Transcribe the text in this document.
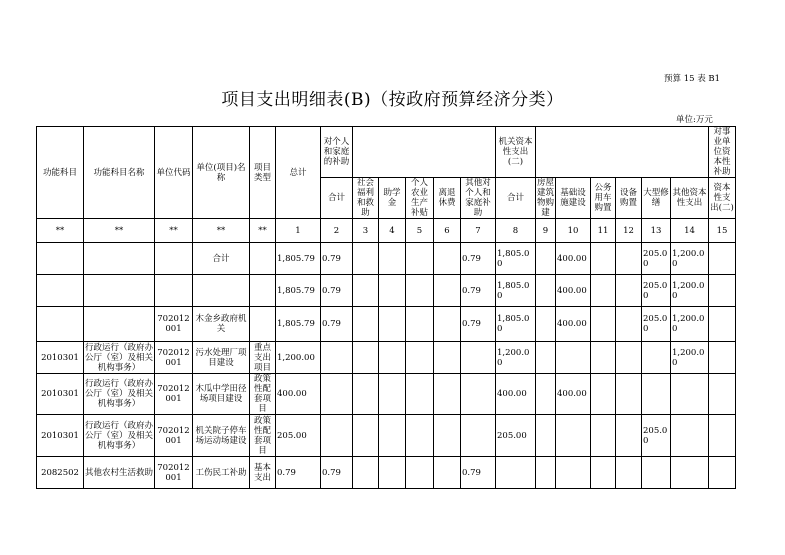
预算 15 表 B1
项目支出明细表(B)（按政府预算经济分类）
单位:万元
功能科目	功能科目名称	单位代码	单位(项目)名称	项目类型	总计	对个人和家庭的补助						机关资本性支出(二)							对事业单位资本性补助
						合计	社会福利和救助	助学金	个人农业生产补贴	离退休费	其他对个人和家庭补助	合计	房屋建筑物购建	基础设施建设	公务用车购置	设备购置	大型修缮	其他资本性支出	资本性支出(二)
**	**	**	**	**	1	2	3	4	5	6	7	8	9	10	11	12	13	14	15
			合计		1,805.79	0.79					0.79	1,805.00		400.00			205.00	1,200.00	
					1,805.79	0.79					0.79	1,805.00		400.00			205.00	1,200.00	
		702012001	木金乡政府机关		1,805.79	0.79					0.79	1,805.00		400.00			205.00	1,200.00	
2010301	行政运行（政府办公厅（室）及相关机构事务）	702012001	污水处理厂项目建设	重点支出项目	1,200.00							1,200.00						1,200.00	
2010301	行政运行（政府办公厅（室）及相关机构事务）	702012001	木瓜中学田径场项目建设	政策性配套项目	400.00							400.00		400.00					
2010301	行政运行（政府办公厅（室）及相关机构事务）	702012001	机关院子停车场运动场建设	政策性配套项目	205.00							205.00					205.00		
2082502	其他农村生活救助	702012001	工伤民工补助	基本支出	0.79	0.79					0.79								
